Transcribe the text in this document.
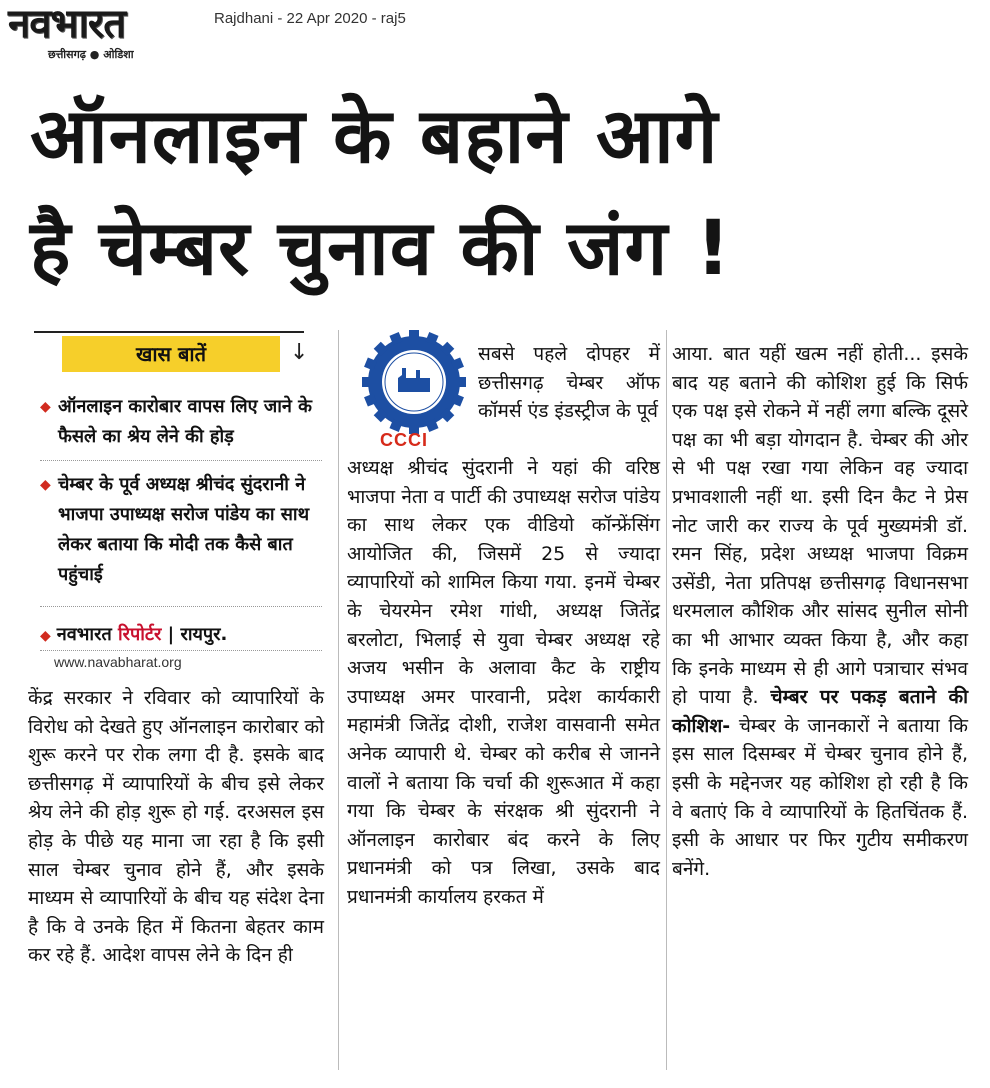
नवभारत
छत्तीसगढ़ ● ओडिशा
Rajdhani - 22 Apr 2020 - raj5
ऑनलाइन के बहाने आगे
है चेम्बर चुनाव की जंग !
खास बातें	↓
◆ ऑनलाइन कारोबार वापस लिए जाने के फैसले का श्रेय लेने की होड़
◆ चेम्बर के पूर्व अध्यक्ष श्रीचंद सुंदरानी ने भाजपा उपाध्यक्ष सरोज पांडेय का साथ लेकर बताया कि मोदी तक कैसे बात पहुंचाई
◆ नवभारत रिपोर्टर | रायपुर.
www.navabharat.org
CCCI

केंद्र सरकार ने रविवार को व्यापारियों के विरोध को देखते हुए ऑनलाइन कारोबार को शुरू करने पर रोक लगा दी है. इसके बाद छत्तीसगढ़ में व्यापारियों के बीच इसे लेकर श्रेय लेने की होड़ शुरू हो गई. दरअसल इस होड़ के पीछे यह माना जा रहा है कि इसी साल चेम्बर चुनाव होने हैं, और इसके माध्यम से व्यापारियों के बीच यह संदेश देना है कि वे उनके हित में कितना बेहतर काम कर रहे हैं. आदेश वापस लेने के दिन ही

सबसे पहले दोपहर में छत्तीसगढ़ चेम्बर ऑफ कॉमर्स एंड इंडस्ट्रीज के पूर्व

अध्यक्ष श्रीचंद सुंदरानी ने यहां की वरिष्ठ भाजपा नेता व पार्टी की उपाध्यक्ष सरोज पांडेय का साथ लेकर एक वीडियो कॉन्फ्रेंसिंग आयोजित की, जिसमें 25 से ज्यादा व्यापारियों को शामिल किया गया. इनमें चेम्बर के चेयरमेन रमेश गांधी, अध्यक्ष जितेंद्र बरलोटा, भिलाई से युवा चेम्बर अध्यक्ष रहे अजय भसीन के अलावा कैट के राष्ट्रीय उपाध्यक्ष अमर पारवानी, प्रदेश कार्यकारी महामंत्री जितेंद्र दोशी, राजेश वासवानी समेत अनेक व्यापारी थे. चेम्बर को करीब से जानने वालों ने बताया कि चर्चा की शुरूआत में कहा गया कि चेम्बर के संरक्षक श्री सुंदरानी ने ऑनलाइन कारोबार बंद करने के लिए प्रधानमंत्री को पत्र लिखा, उसके बाद प्रधानमंत्री कार्यालय हरकत में

आया. बात यहीं खत्म नहीं होती... इसके बाद यह बताने की कोशिश हुई कि सिर्फ एक पक्ष इसे रोकने में नहीं लगा बल्कि दूसरे पक्ष का भी बड़ा योगदान है. चेम्बर की ओर से भी पक्ष रखा गया लेकिन वह ज्यादा प्रभावशाली नहीं था. इसी दिन कैट ने प्रेस नोट जारी कर राज्य के पूर्व मुख्यमंत्री डॉ. रमन सिंह, प्रदेश अध्यक्ष भाजपा विक्रम उसेंडी, नेता प्रतिपक्ष छत्तीसगढ़ विधानसभा धरमलाल कौशिक और सांसद सुनील सोनी का भी आभार व्यक्त किया है, और कहा कि इनके माध्यम से ही आगे पत्राचार संभव हो पाया है. चेम्बर पर पकड़ बताने की कोशिश- चेम्बर के जानकारों ने बताया कि इस साल दिसम्बर में चेम्बर चुनाव होने हैं, इसी के मद्देनजर यह कोशिश हो रही है कि वे बताएं कि वे व्यापारियों के हितचिंतक हैं. इसी के आधार पर फिर गुटीय समीकरण बनेंगे.
